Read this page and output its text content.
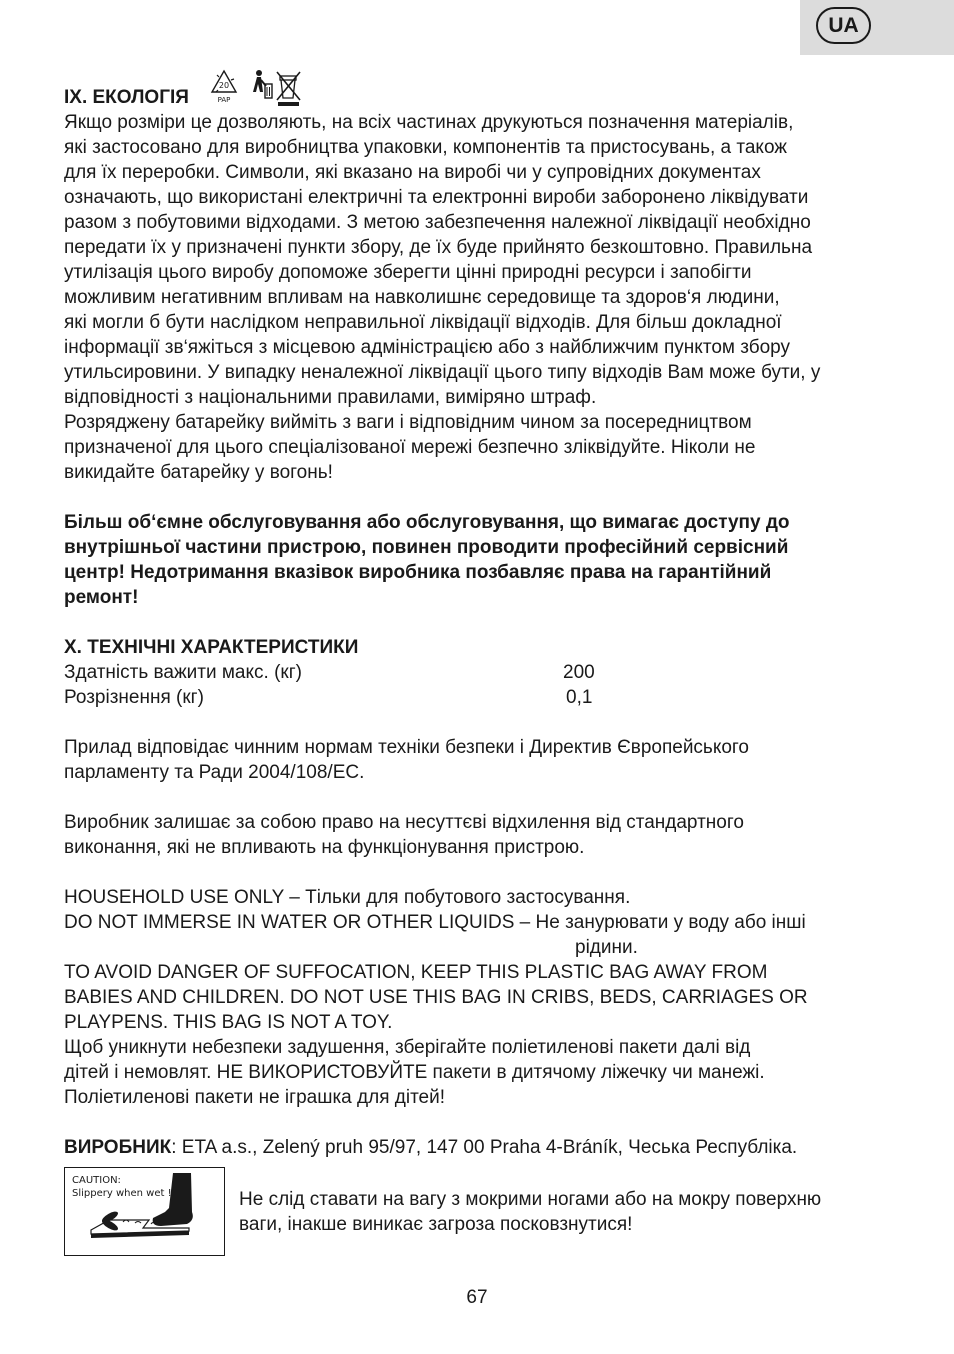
UA
IX. ЕКОЛОГІЯ
20
PAP
Якщо розміри це дозволяють, на всіх частинах друкуються позначення матеріалів,
які застосовано для виробництва упаковки, компонентів та пристосувань, а також
для їх переробки. Символи, які вказано на виробі чи у супровідних документах
означають, що використані електричні та електронні вироби заборонено ліквідувати
разом з побутовими відходами. З метою забезпечення належної ліквідації необхідно
передати їх у призначені пункти збору, де їх буде прийнято безкоштовно. Правильна
утилізація цього виробу допоможе зберегти цінні природні ресурси і запобігти
можливим негативним впливам на навколишнє середовище та здоров‘я людини,
які могли б бути наслідком неправильної ліквідації відходів. Для більш докладної
інформації зв‘яжіться з місцевою адміністрацією або з найближчим пунктом збору
утильсировини. У випадку неналежної ліквідації цього типу відходів Вам може бути, у
відповідності з національними правилами, виміряно штраф.
Розряджену батарейку вийміть з ваги і відповідним чином за посередництвом
призначеної для цього спеціалізованої мережі безпечно зліквідуйте. Ніколи не
викидайте батарейку у вогонь!
Більш об‘ємне обслуговування або обслуговування, що вимагає доступу до
внутрішньої частини пристрою, повинен проводити професійний сервісний
центр! Недотримання вказівок виробника позбавляє права на гарантійний
ремонт!
X. ТЕХНІЧНІ ХАРАКТЕРИСТИКИ
Здатність важити макс. (кг)	200
Розрізнення (кг)	0,1
Прилад відповідає чинним нормам техніки безпеки і Директив Європейського
парламенту та Ради 2004/108/ЕС.
Виробник залишає за собою право на несуттєві відхилення від стандартного
виконання, які не впливають на функціонування пристрою.
HOUSEHOLD USE ONLY – Тільки для побутового застосування.
DO NOT IMMERSE IN WATER OR OTHER LIQUIDS – Не занурювати у воду або інші
рідини.
TO AVOID DANGER OF SUFFOCATION, KEEP THIS PLASTIC BAG AWAY FROM
BABIES AND CHILDREN. DO NOT USE THIS BAG IN CRIBS, BEDS, CARRIAGES OR
PLAYPENS. THIS BAG IS NOT A TOY.
Щоб уникнути небезпеки задушення, зберігайте поліетиленові пакети далі від
дітей і немовлят. НЕ ВИКОРИСТОВУЙТЕ пакети в дитячому ліжечку чи манежі.
Поліетиленові пакети не іграшка для дітей!
ВИРОБНИК: ETA a.s., Zelený pruh 95/97, 147 00 Praha 4-Bráník, Чеська Республіка.
CAUTION:
Slippery when wet !	Не слід ставати на вагу з мокрими ногами або на мокру поверхню
ваги, інакше виникає загроза посковзнутися!
67
